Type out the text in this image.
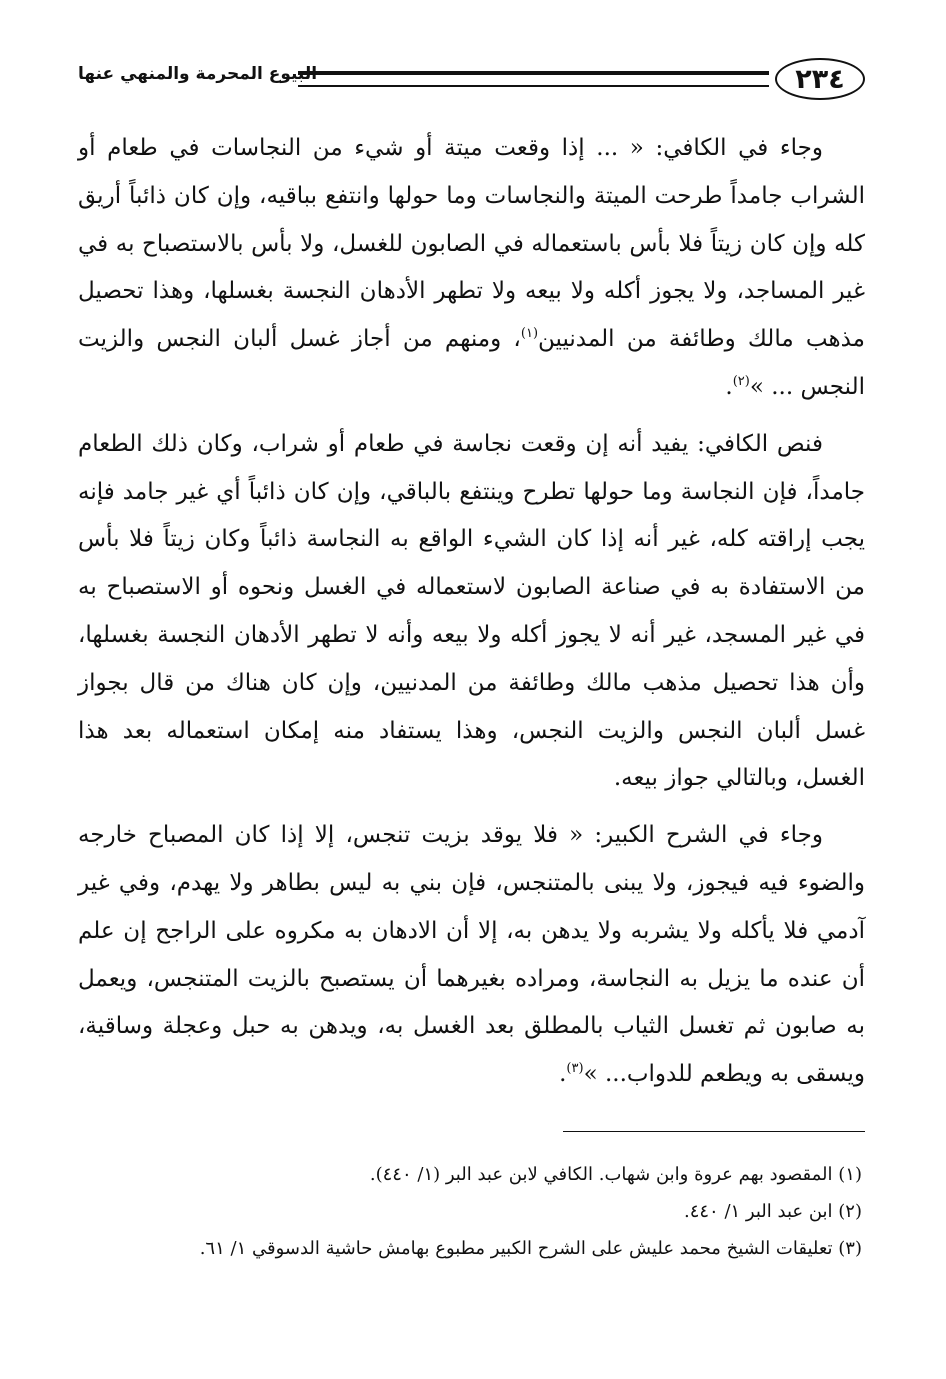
٢٣٤
البيوع المحرمة والمنهي عنها

وجاء في الكافي: « ... إذا وقعت ميتة أو شيء من النجاسات في طعام أو الشراب جامداً طرحت الميتة والنجاسات وما حولها وانتفع بباقيه، وإن كان ذائباً أريق كله وإن كان زيتاً فلا بأس باستعماله في الصابون للغسل، ولا بأس بالاستصباح به في غير المساجد، ولا يجوز أكله ولا بيعه ولا تطهر الأدهان النجسة بغسلها، وهذا تحصيل مذهب مالك وطائفة من المدنيين$^{(١)}$، ومنهم من أجاز غسل ألبان النجس والزيت النجس ... »$^{(٢)}$.

فنص الكافي: يفيد أنه إن وقعت نجاسة في طعام أو شراب، وكان ذلك الطعام جامداً، فإن النجاسة وما حولها تطرح وينتفع بالباقي، وإن كان ذائباً أي غير جامد فإنه يجب إراقته كله، غير أنه إذا كان الشيء الواقع به النجاسة ذائباً وكان زيتاً فلا بأس من الاستفادة به في صناعة الصابون لاستعماله في الغسل ونحوه أو الاستصباح به في غير المسجد، غير أنه لا يجوز أكله ولا بيعه وأنه لا تطهر الأدهان النجسة بغسلها، وأن هذا تحصيل مذهب مالك وطائفة من المدنيين، وإن كان هناك من قال بجواز غسل ألبان النجس والزيت النجس، وهذا يستفاد منه إمكان استعماله بعد هذا الغسل، وبالتالي جواز بيعه.

وجاء في الشرح الكبير: « فلا يوقد بزيت تنجس، إلا إذا كان المصباح خارجه والضوء فيه فيجوز، ولا يبنى بالمتنجس، فإن بني به ليس بطاهر ولا يهدم، وفي غير آدمي فلا يأكله ولا يشربه ولا يدهن به، إلا أن الادهان به مكروه على الراجح إن علم أن عنده ما يزيل به النجاسة، ومراده بغيرهما أن يستصبح بالزيت المتنجس، ويعمل به صابون ثم تغسل الثياب بالمطلق بعد الغسل به، ويدهن به حبل وعجلة وساقية، ويسقى به ويطعم للدواب... »$^{(٣)}$.

(١) المقصود بهم عروة وابن شهاب. الكافي لابن عبد البر (١/ ٤٤٠).

(٢) ابن عبد البر ١/ ٤٤٠.

(٣) تعليقات الشيخ محمد عليش على الشرح الكبير مطبوع بهامش حاشية الدسوقي ١/ ٦١.
